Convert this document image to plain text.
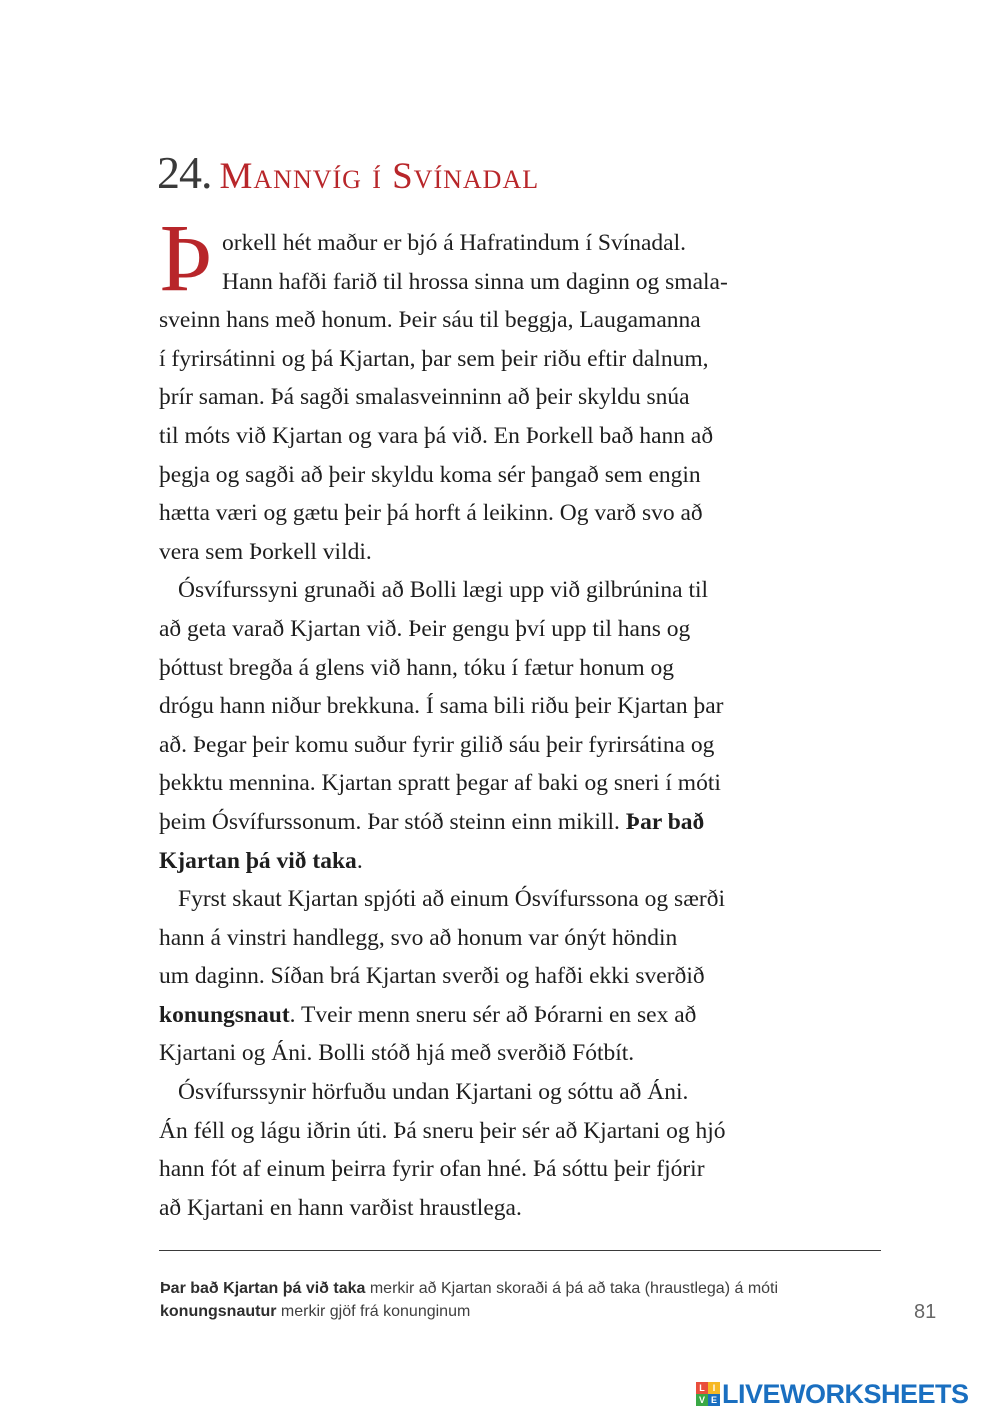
24. Mannvíg í Svínadal
Þ orkell hét maður er bjó á Hafratindum í Svínadal.
Hann hafði farið til hrossa sinna um daginn og smala-
sveinn hans með honum. Þeir sáu til beggja, Laugamanna
í fyrirsátinni og þá Kjartan, þar sem þeir riðu eftir dalnum,
þrír saman. Þá sagði smalasveinninn að þeir skyldu snúa
til móts við Kjartan og vara þá við. En Þorkell bað hann að
þegja og sagði að þeir skyldu koma sér þangað sem engin
hætta væri og gætu þeir þá horft á leikinn. Og varð svo að
vera sem Þorkell vildi.
Ósvífurssyni grunaði að Bolli lægi upp við gilbrúnina til
að geta varað Kjartan við. Þeir gengu því upp til hans og
þóttust bregða á glens við hann, tóku í fætur honum og
drógu hann niður brekkuna. Í sama bili riðu þeir Kjartan þar
að. Þegar þeir komu suður fyrir gilið sáu þeir fyrirsátina og
þekktu mennina. Kjartan spratt þegar af baki og sneri í móti
þeim Ósvífurssonum. Þar stóð steinn einn mikill. Þar bað
Kjartan þá við taka.
Fyrst skaut Kjartan spjóti að einum Ósvífurssona og særði
hann á vinstri handlegg, svo að honum var ónýt höndin
um daginn. Síðan brá Kjartan sverði og hafði ekki sverðið
konungsnaut. Tveir menn sneru sér að Þórarni en sex að
Kjartani og Áni. Bolli stóð hjá með sverðið Fótbít.
Ósvífurssynir hörfuðu undan Kjartani og sóttu að Áni.
Án féll og lágu iðrin úti. Þá sneru þeir sér að Kjartani og hjó
hann fót af einum þeirra fyrir ofan hné. Þá sóttu þeir fjórir
að Kjartani en hann varðist hraustlega.
Þar bað Kjartan þá við taka merkir að Kjartan skoraði á þá að taka (hraustlega) á móti
konungsnautur merkir gjöf frá konunginum	81
L I
V E LIVEWORKSHEETS
